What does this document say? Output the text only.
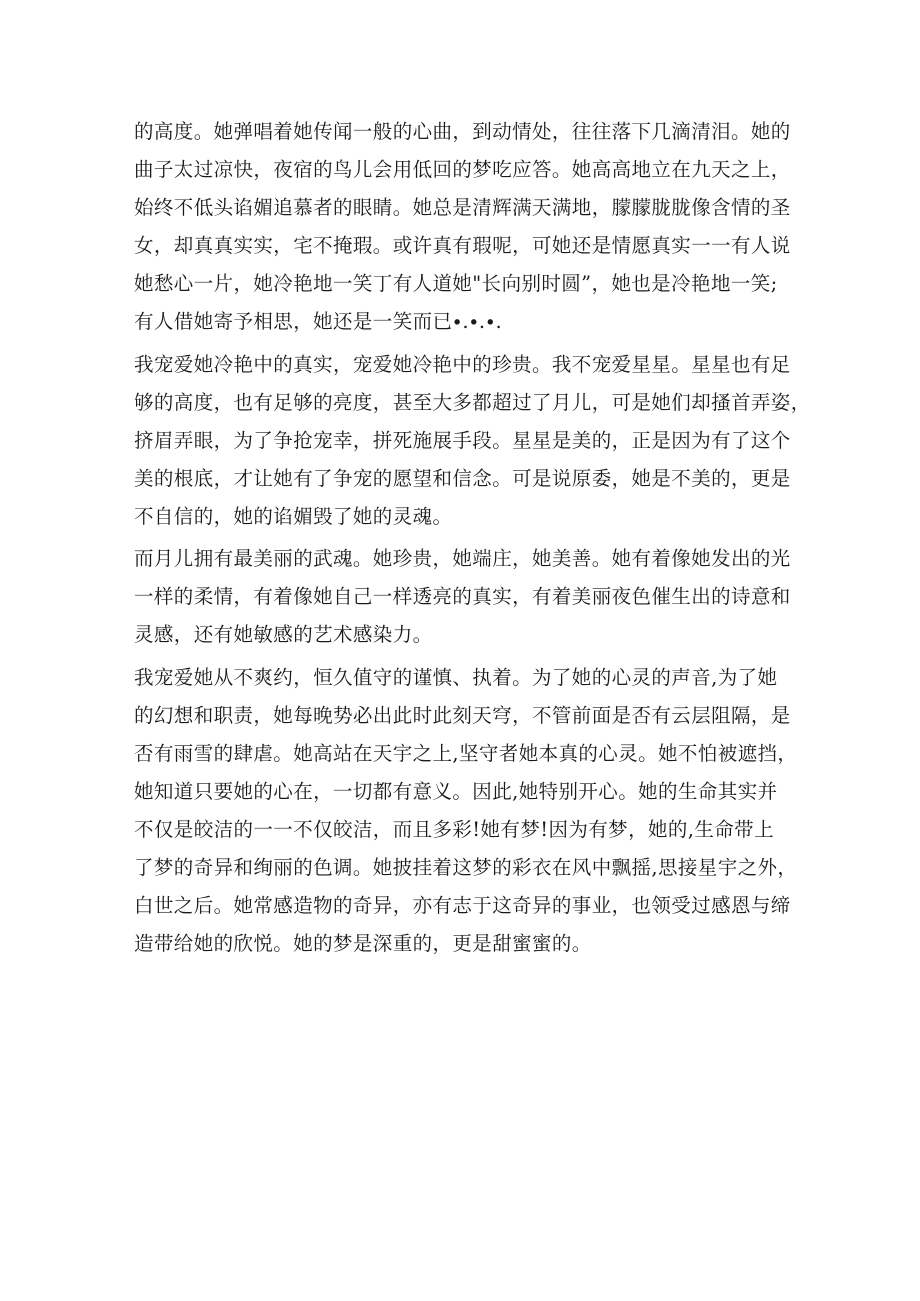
的高度。她弹唱着她传闻一般的心曲，到动情处，往往落下几滴清泪。她的
曲子太过凉快，夜宿的鸟儿会用低回的梦吃应答。她高高地立在九天之上，
始终不低头谄媚追慕者的眼睛。她总是清辉满天满地，朦朦胧胧像含情的圣
女，却真真实实，宅不掩瑕。或许真有瑕呢，可她还是情愿真实一一有人说
她愁心一片，她冷艳地一笑丁有人道她"长向别时圆”，她也是冷艳地一笑;
有人借她寄予相思，她还是一笑而已∙.∙.∙.
我宠爱她冷艳中的真实，宠爱她冷艳中的珍贵。我不宠爱星星。星星也有足
够的高度，也有足够的亮度，甚至大多都超过了月儿，可是她们却搔首弄姿，
挤眉弄眼，为了争抢宠幸，拼死施展手段。星星是美的，正是因为有了这个
美的根底，才让她有了争宠的愿望和信念。可是说原委，她是不美的，更是
不自信的，她的谄媚毁了她的灵魂。
而月儿拥有最美丽的武魂。她珍贵，她端庄，她美善。她有着像她发出的光
一样的柔情，有着像她自己一样透亮的真实，有着美丽夜色催生出的诗意和
灵感，还有她敏感的艺术感染力。
我宠爱她从不爽约，恒久值守的谨慎、执着。为了她的心灵的声音,为了她
的幻想和职责，她每晚势必出此时此刻天穹，不管前面是否有云层阻隔，是
否有雨雪的肆虐。她高站在天宇之上,坚守者她本真的心灵。她不怕被遮挡，
她知道只要她的心在，一切都有意义。因此,她特别开心。她的生命其实并
不仅是皎洁的一一不仅皎洁，而且多彩!她有梦!因为有梦，她的,生命带上
了梦的奇异和绚丽的色调。她披挂着这梦的彩衣在风中飘摇,思接星宇之外，
白世之后。她常感造物的奇异，亦有志于这奇异的事业，也领受过感恩与缔
造带给她的欣悦。她的梦是深重的，更是甜蜜蜜的。
